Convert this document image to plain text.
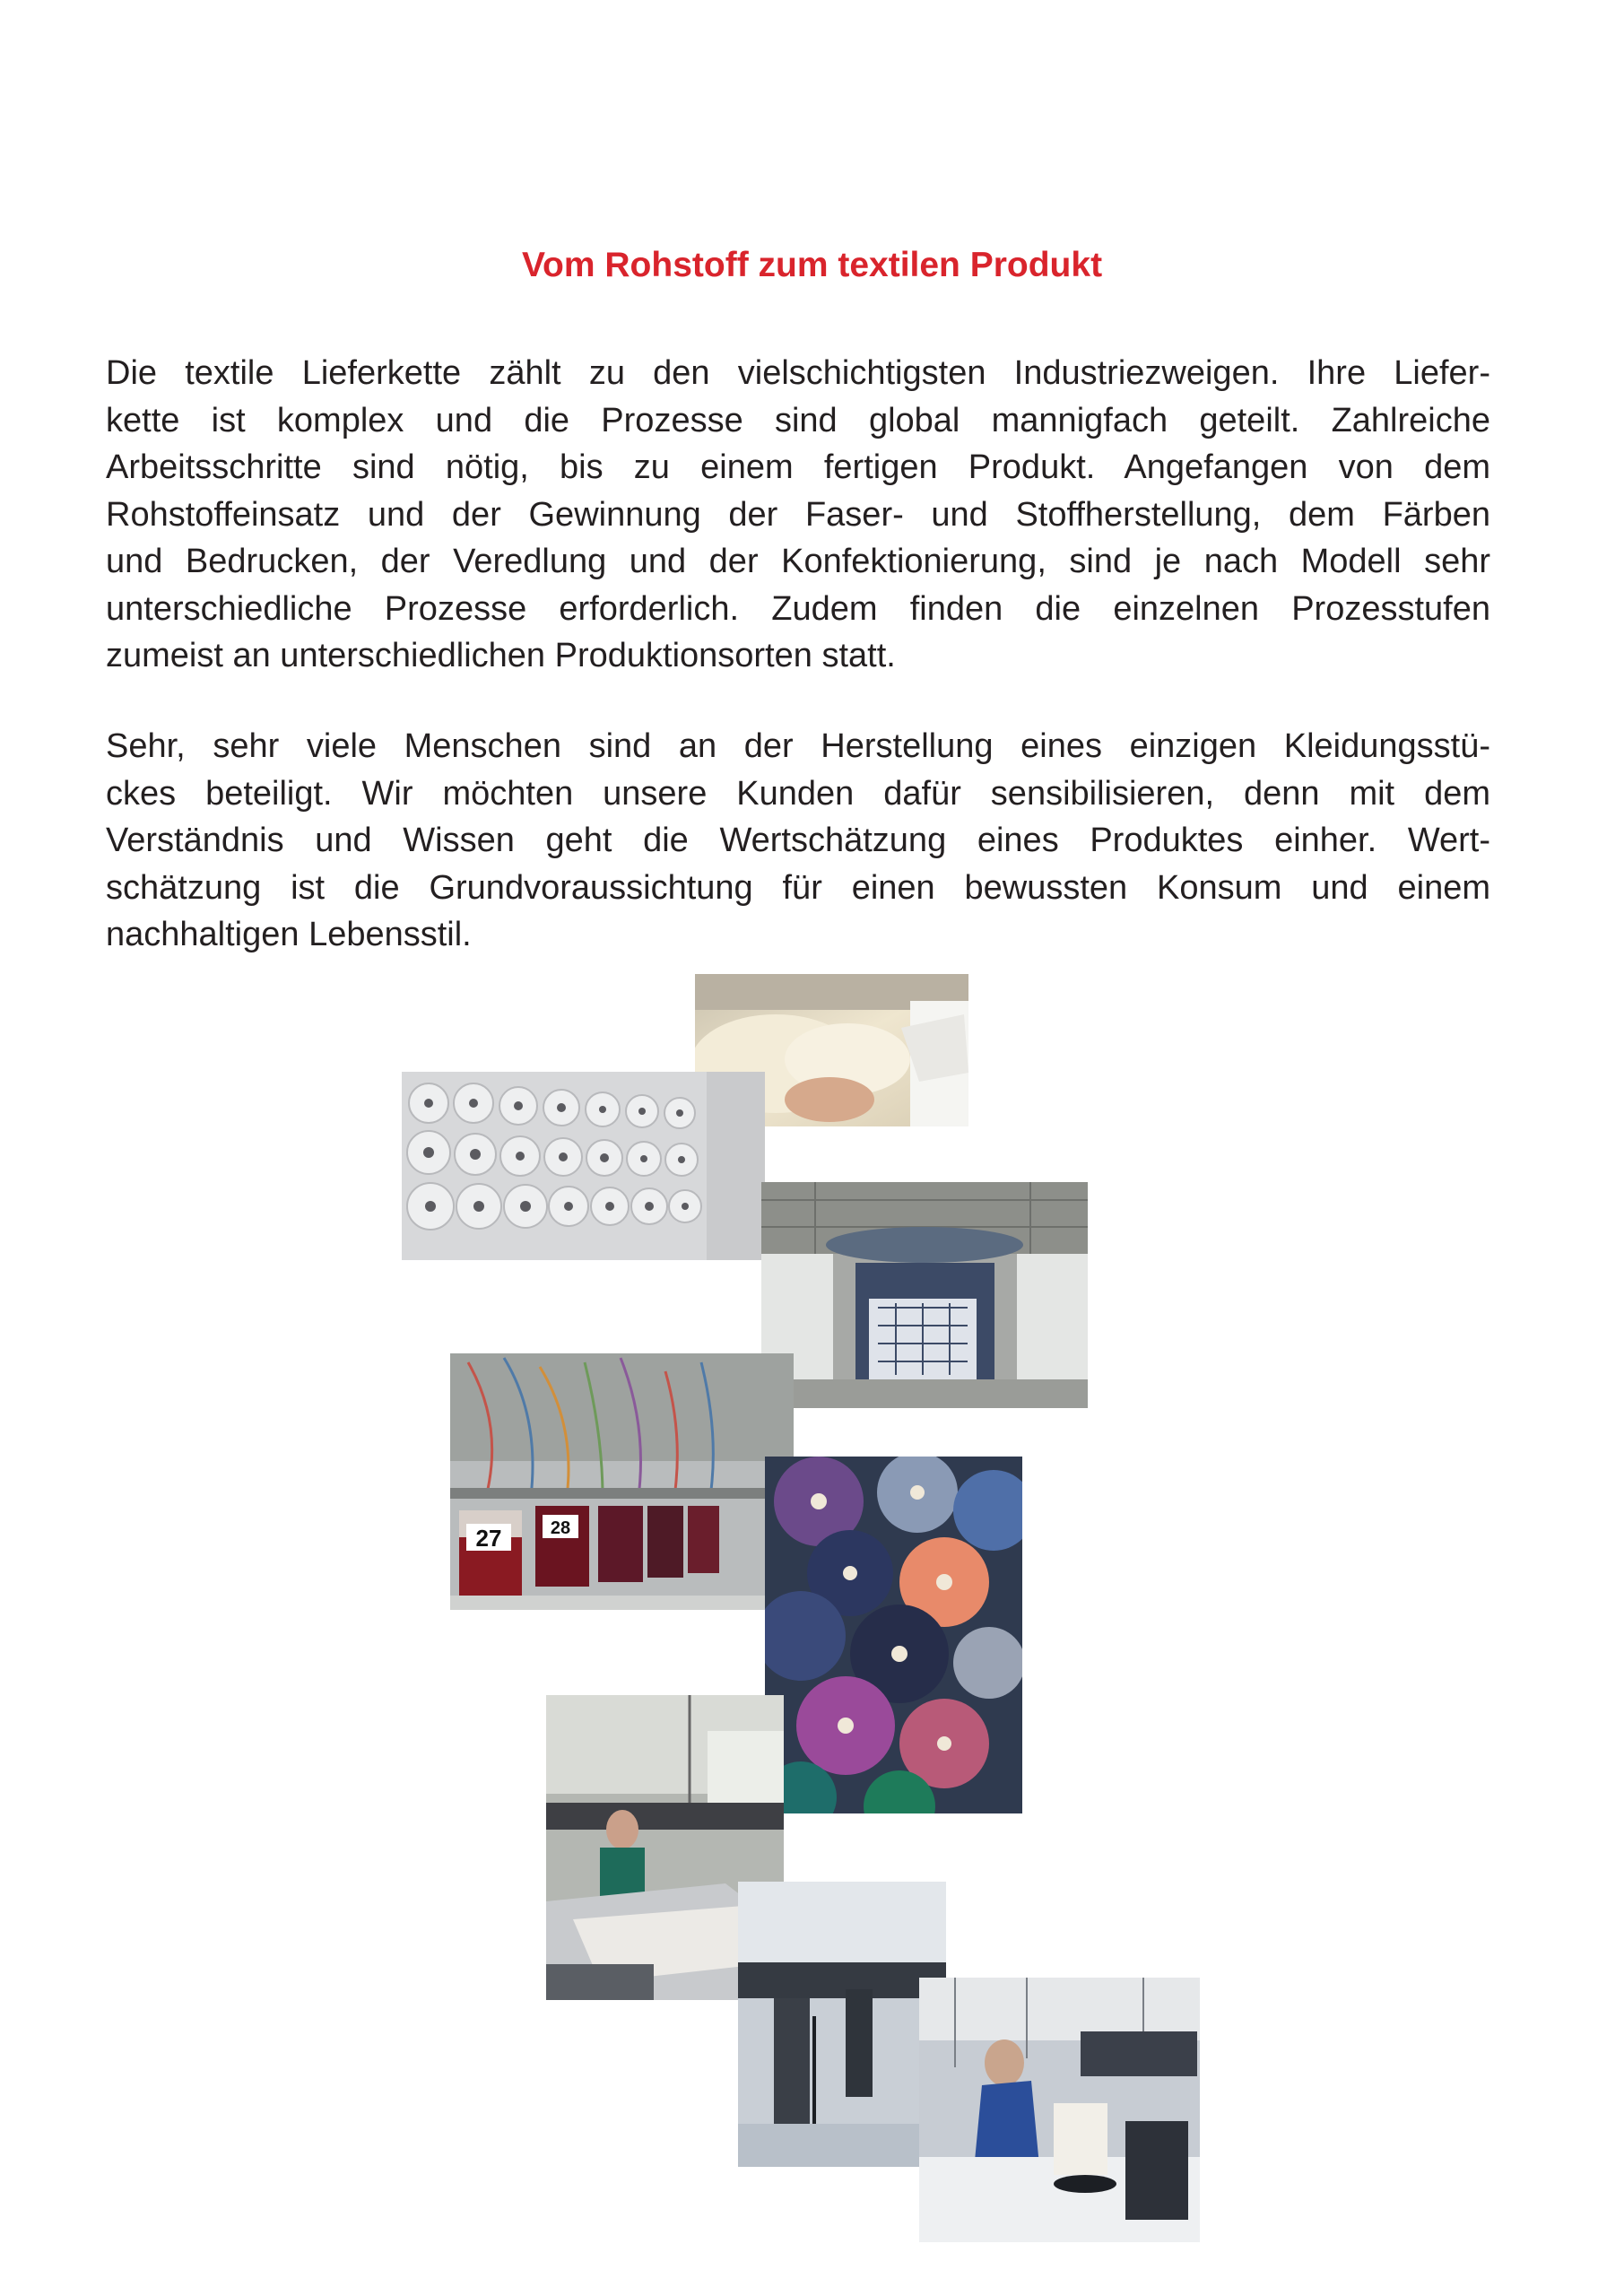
Vom Rohstoff zum textilen Produkt

Die textile Lieferkette zählt zu den vielschichtigsten Industriezweigen. Ihre Liefer-
kette ist komplex und die Prozesse sind global mannigfach geteilt. Zahlreiche
Arbeitsschritte sind nötig, bis zu einem fertigen Produkt. Angefangen von dem
Rohstoffeinsatz und der Gewinnung der Faser- und Stoffherstellung, dem Färben
und Bedrucken, der Veredlung und der Konfektionierung, sind je nach Modell sehr
unterschiedliche Prozesse erforderlich. Zudem finden die einzelnen Prozesstufen
zumeist an unterschiedlichen Produktionsorten statt.

Sehr, sehr viele Menschen sind an der Herstellung eines einzigen Kleidungsstü-
ckes beteiligt. Wir möchten unsere Kunden dafür sensibilisieren, denn mit dem
Verständnis und Wissen geht die Wertschätzung eines Produktes einher. Wert-
schätzung ist die Grundvoraussichtung für einen bewussten Konsum und einem
nachhaltigen Lebensstil.

27	28
